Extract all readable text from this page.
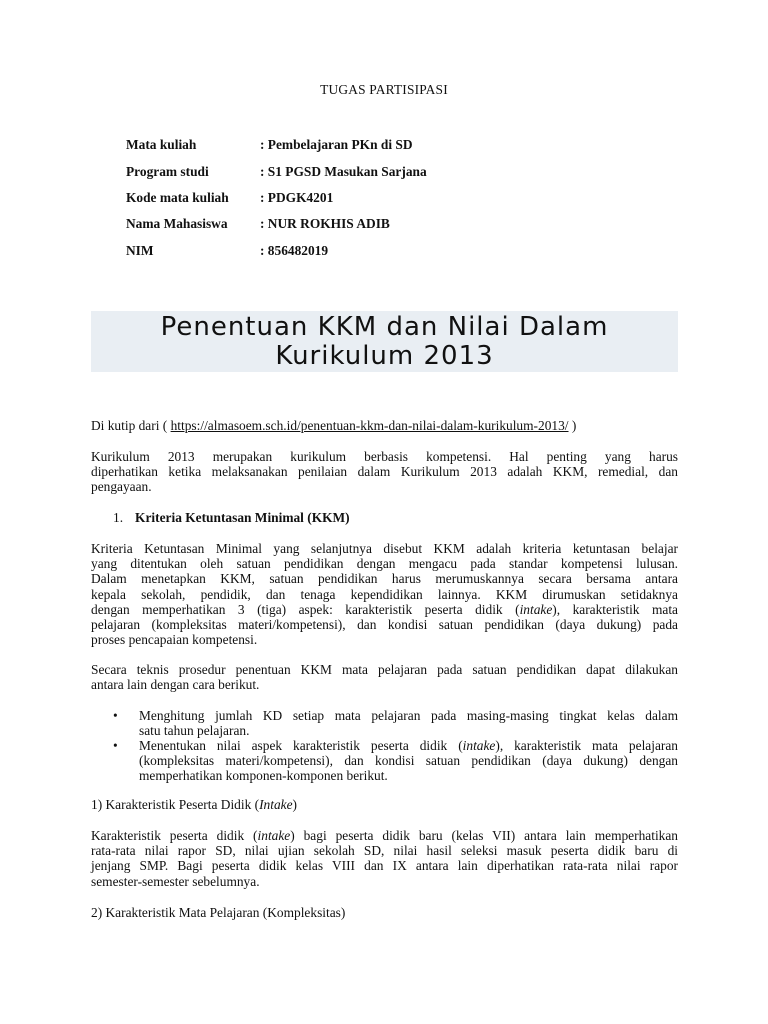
TUGAS PARTISIPASI
Mata kuliah	: Pembelajaran PKn di SD
Program studi	: S1 PGSD Masukan Sarjana
Kode mata kuliah : PDGK4201
Nama Mahasiswa : NUR ROKHIS ADIB
NIM	: 856482019
Penentuan KKM dan Nilai Dalam
Kurikulum 2013
Di kutip dari ( https://almasoem.sch.id/penentuan-kkm-dan-nilai-dalam-kurikulum-2013/ )
Kurikulum 2013 merupakan kurikulum berbasis kompetensi. Hal penting yang harus
diperhatikan ketika melaksanakan penilaian dalam Kurikulum 2013 adalah KKM, remedial, dan
pengayaan.
1. Kriteria Ketuntasan Minimal (KKM)
Kriteria Ketuntasan Minimal yang selanjutnya disebut KKM adalah kriteria ketuntasan belajar
yang ditentukan oleh satuan pendidikan dengan mengacu pada standar kompetensi lulusan.
Dalam menetapkan KKM, satuan pendidikan harus merumuskannya secara bersama antara
kepala sekolah, pendidik, dan tenaga kependidikan lainnya. KKM dirumuskan setidaknya
dengan memperhatikan 3 (tiga) aspek: karakteristik peserta didik (intake), karakteristik mata
pelajaran (kompleksitas materi/kompetensi), dan kondisi satuan pendidikan (daya dukung) pada
proses pencapaian kompetensi.
Secara teknis prosedur penentuan KKM mata pelajaran pada satuan pendidikan dapat dilakukan
antara lain dengan cara berikut.
• Menghitung jumlah KD setiap mata pelajaran pada masing-masing tingkat kelas dalam
satu tahun pelajaran.
• Menentukan nilai aspek karakteristik peserta didik (intake), karakteristik mata pelajaran
(kompleksitas materi/kompetensi), dan kondisi satuan pendidikan (daya dukung) dengan
memperhatikan komponen-komponen berikut.
1) Karakteristik Peserta Didik (Intake)
Karakteristik peserta didik (intake) bagi peserta didik baru (kelas VII) antara lain memperhatikan
rata-rata nilai rapor SD, nilai ujian sekolah SD, nilai hasil seleksi masuk peserta didik baru di
jenjang SMP. Bagi peserta didik kelas VIII dan IX antara lain diperhatikan rata-rata nilai rapor
semester-semester sebelumnya.
2) Karakteristik Mata Pelajaran (Kompleksitas)
